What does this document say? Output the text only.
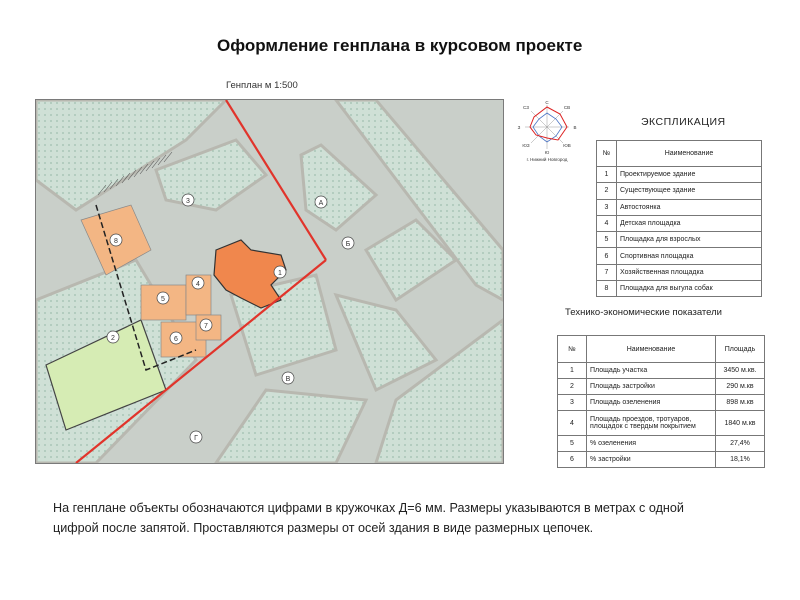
Оформление генплана в курсовом проекте
Генплан м 1:500
1
2
3
4
5
6
7
8
А
Б
В
Г
С
СВ
В
ЮВ
Ю
ЮЗ
З
СЗ
г. Нижний Новгород
ЭКСПЛИКАЦИЯ
№	Наименование
1	Проектируемое здание
2	Существующее здание
3	Автостоянка
4	Детская площадка
5	Площадка для взрослых
6	Спортивная площадка
7	Хозяйственная площадка
8	Площадка для выгула собак
Технико-экономические показатели
№	Наименование	Площадь
1	Площадь участка	3450 м.кв.
2	Площадь застройки	290 м.кв
3	Площадь озеленения	898 м.кв
4	Площадь проездов, тротуаров, площадок с твердым покрытием	1840 м.кв
5	% озеленения	27,4%
6	% застройки	18,1%
На генплане объекты обозначаются цифрами в кружочках Д=6 мм. Размеры указываются в метрах с одной цифрой после запятой. Проставляются размеры от осей здания в виде размерных цепочек.
